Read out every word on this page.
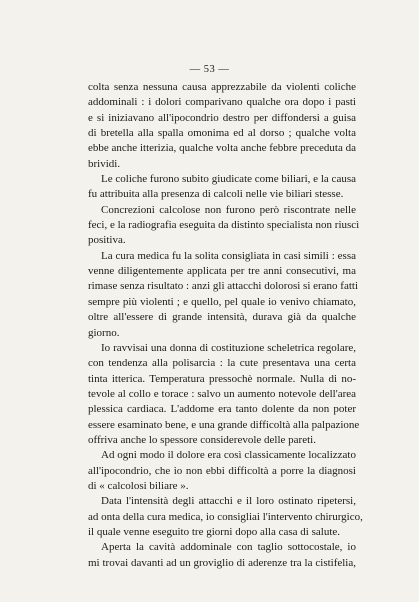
— 53 —
colta senza nessuna causa apprezzabile da violenti coliche
addominali : i dolori comparivano qualche ora dopo i pasti
e si iniziavano all'ipocondrio destro per diffondersi a guisa
di bretella alla spalla omonima ed al dorso ; qualche volta
ebbe anche itterizia, qualche volta anche febbre preceduta da
brividi.
Le coliche furono subito giudicate come biliari, e la causa
fu attribuita alla presenza di calcoli nelle vie biliari stesse.
Concrezioni calcolose non furono però riscontrate nelle
feci, e la radiografia eseguita da distinto specialista non riuscì
positiva.
La cura medica fu la solita consigliata in casi simili : essa
venne diligentemente applicata per tre anni consecutivi, ma
rimase senza risultato : anzi gli attacchi dolorosi si erano fatti
sempre più violenti ; e quello, pel quale io venivo chiamato,
oltre all'essere di grande intensità, durava già da qualche
giorno.
Io ravvisai una donna di costituzione scheletrica regolare,
con tendenza alla polisarcia : la cute presentava una certa
tinta itterica. Temperatura pressochè normale. Nulla di no-
tevole al collo e torace : salvo un aumento notevole dell'area
plessica cardiaca. L'addome era tanto dolente da non poter
essere esaminato bene, e una grande difficoltà alla palpazione
offriva anche lo spessore considerevole delle pareti.
Ad ogni modo il dolore era così classicamente localizzato
all'ipocondrio, che io non ebbi difficoltà a porre la diagnosi
di « calcolosi biliare ».
Data l'intensità degli attacchi e il loro ostinato ripetersi,
ad onta della cura medica, io consigliai l'intervento chirurgico,
il quale venne eseguito tre giorni dopo alla casa di salute.
Aperta la cavità addominale con taglio sottocostale, io
mi trovai davanti ad un groviglio di aderenze tra la cistifelia,
